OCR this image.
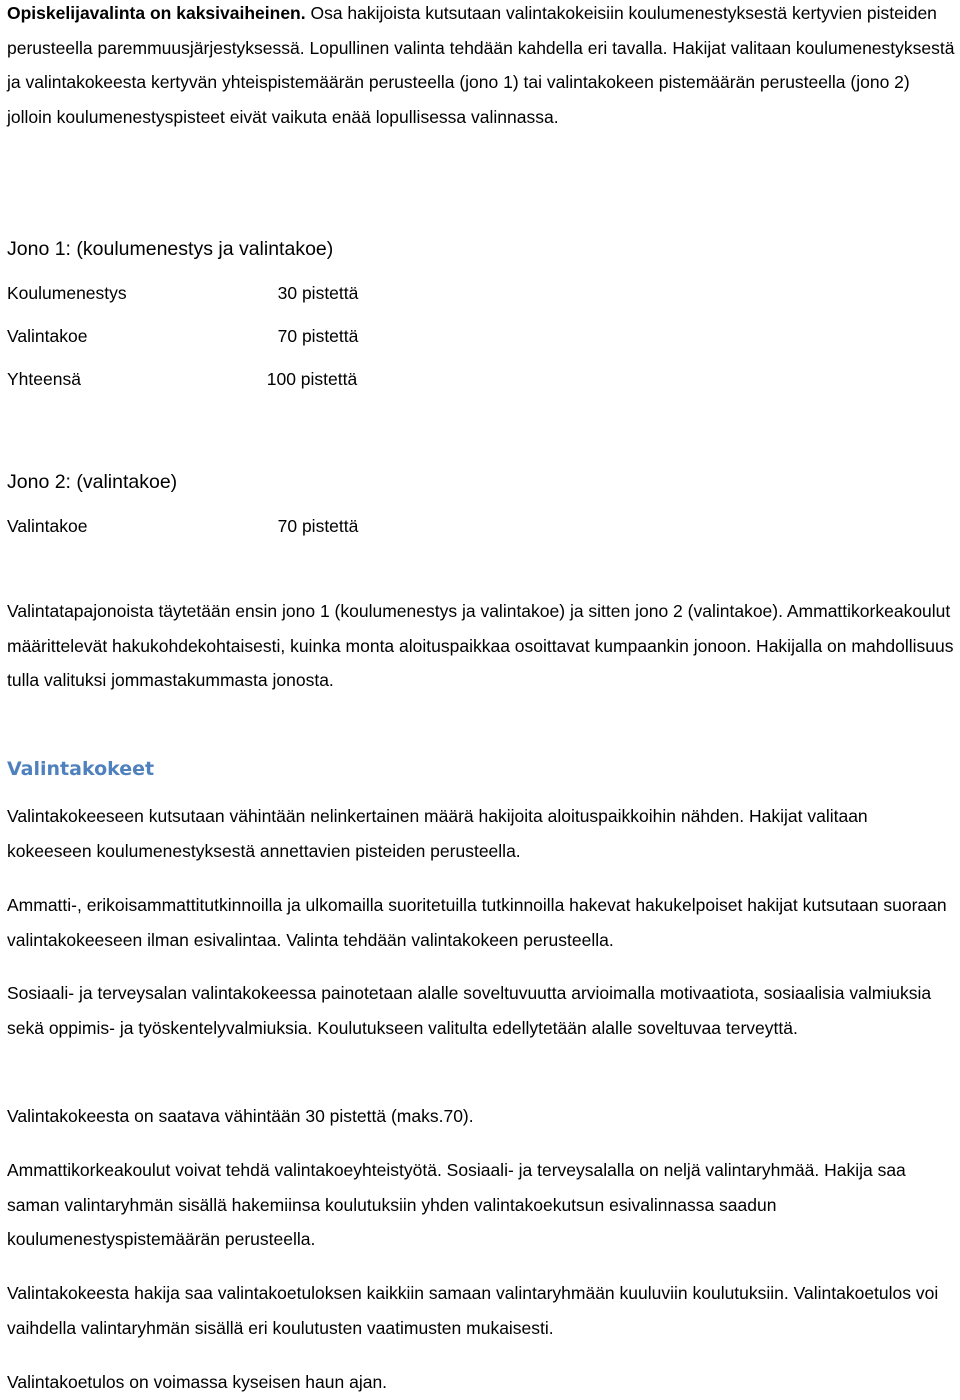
Opiskelijavalinta on kaksivaiheinen. Osa hakijoista kutsutaan valintakokeisiin koulumenestyksestä kertyvien pisteiden perusteella paremmuusjärjestyksessä. Lopullinen valinta tehdään kahdella eri tavalla. Hakijat valitaan koulumenestyksestä ja valintakokeesta kertyvän yhteispistemäärän perusteella (jono 1) tai valintakokeen pistemäärän perusteella (jono 2) jolloin koulumenestyspisteet eivät vaikuta enää lopullisessa valinnassa.

Jono 1: (koulumenestys ja valintakoe)

Koulumenestys	30 pistettä
Valintakoe	70 pistettä
Yhteensä	100 pistettä

Jono 2: (valintakoe)

Valintakoe	70 pistettä

Valintatapajonoista täytetään ensin jono 1 (koulumenestys ja valintakoe) ja sitten jono 2 (valintakoe). Ammattikorkeakoulut määrittelevät hakukohdekohtaisesti, kuinka monta aloituspaikkaa osoittavat kumpaankin jonoon. Hakijalla on mahdollisuus tulla valituksi jommastakummasta jonosta.

Valintakokeet

Valintakokeeseen kutsutaan vähintään nelinkertainen määrä hakijoita aloituspaikkoihin nähden. Hakijat valitaan kokeeseen koulumenestyksestä annettavien pisteiden perusteella.

Ammatti-, erikoisammattitutkinnoilla ja ulkomailla suoritetuilla tutkinnoilla hakevat hakukelpoiset hakijat kutsutaan suoraan valintakokeeseen ilman esivalintaa. Valinta tehdään valintakokeen perusteella.

Sosiaali- ja terveysalan valintakokeessa painotetaan alalle soveltuvuutta arvioimalla motivaatiota, sosiaalisia valmiuksia sekä oppimis- ja työskentelyvalmiuksia. Koulutukseen valitulta edellytetään alalle soveltuvaa terveyttä.

Valintakokeesta on saatava vähintään 30 pistettä (maks.70).

Ammattikorkeakoulut voivat tehdä valintakoeyhteistyötä. Sosiaali- ja terveysalalla on neljä valintaryhmää. Hakija saa saman valintaryhmän sisällä hakemiinsa koulutuksiin yhden valintakoekutsun esivalinnassa saadun koulumenestyspistemäärän perusteella.

Valintakokeesta hakija saa valintakoetuloksen kaikkiin samaan valintaryhmään kuuluviin koulutuksiin. Valintakoetulos voi vaihdella valintaryhmän sisällä eri koulutusten vaatimusten mukaisesti.

Valintakoetulos on voimassa kyseisen haun ajan.
